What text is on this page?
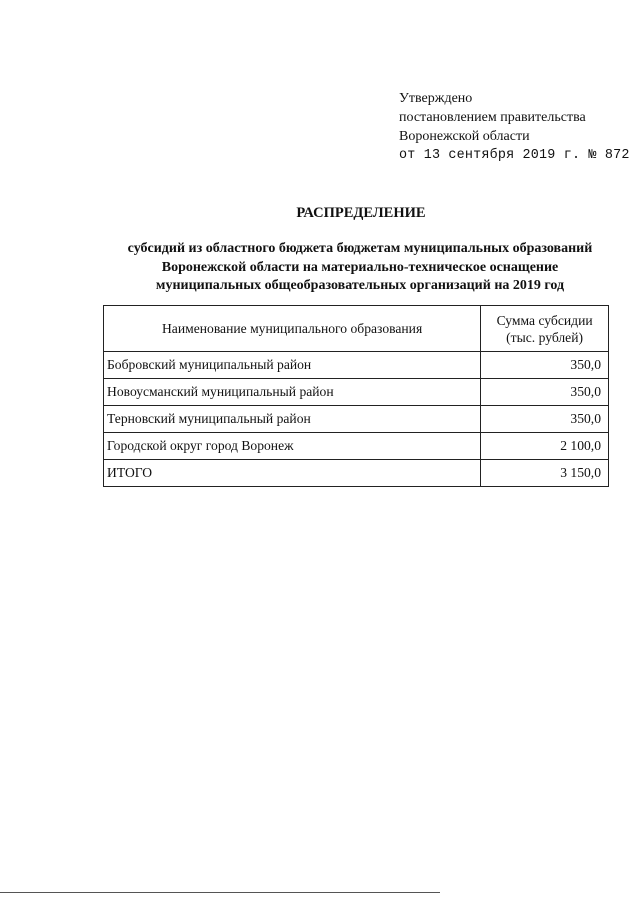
Утверждено
постановлением правительства
Воронежской области
от 13 сентября 2019 г. № 872
РАСПРЕДЕЛЕНИЕ
субсидий из областного бюджета бюджетам муниципальных образований
Воронежской области на материально-техническое оснащение
муниципальных общеобразовательных организаций на 2019 год
Наименование муниципального образования	Сумма субсидии
(тыс. рублей)
Бобровский муниципальный район	350,0
Новоусманский муниципальный район	350,0
Терновский муниципальный район	350,0
Городской округ город Воронеж	2 100,0
ИТОГО	3 150,0
